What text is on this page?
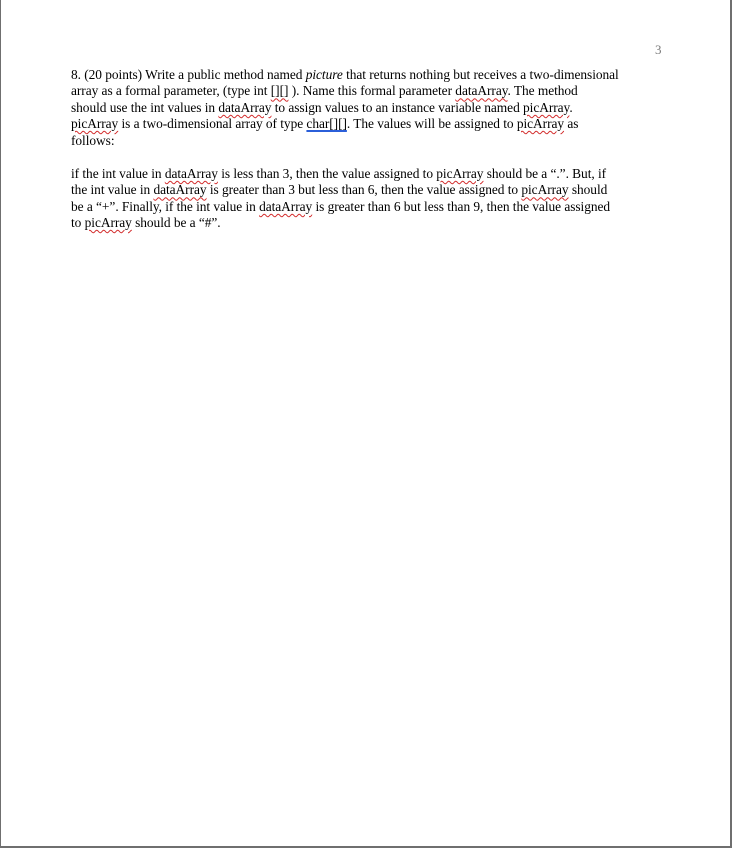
3
8. (20 points) Write a public method named picture that returns nothing but receives a two-dimensional
array as a formal parameter, (type int [][] ). Name this formal parameter dataArray. The method
should use the int values in dataArray to assign values to an instance variable named picArray.
picArray is a two-dimensional array of type char[][]. The values will be assigned to picArray as
follows:
if the int value in dataArray is less than 3, then the value assigned to picArray should be a “.”. But, if
the int value in dataArray is greater than 3 but less than 6, then the value assigned to picArray should
be a “+”. Finally, if the int value in dataArray is greater than 6 but less than 9, then the value assigned
to picArray should be a “#”.
